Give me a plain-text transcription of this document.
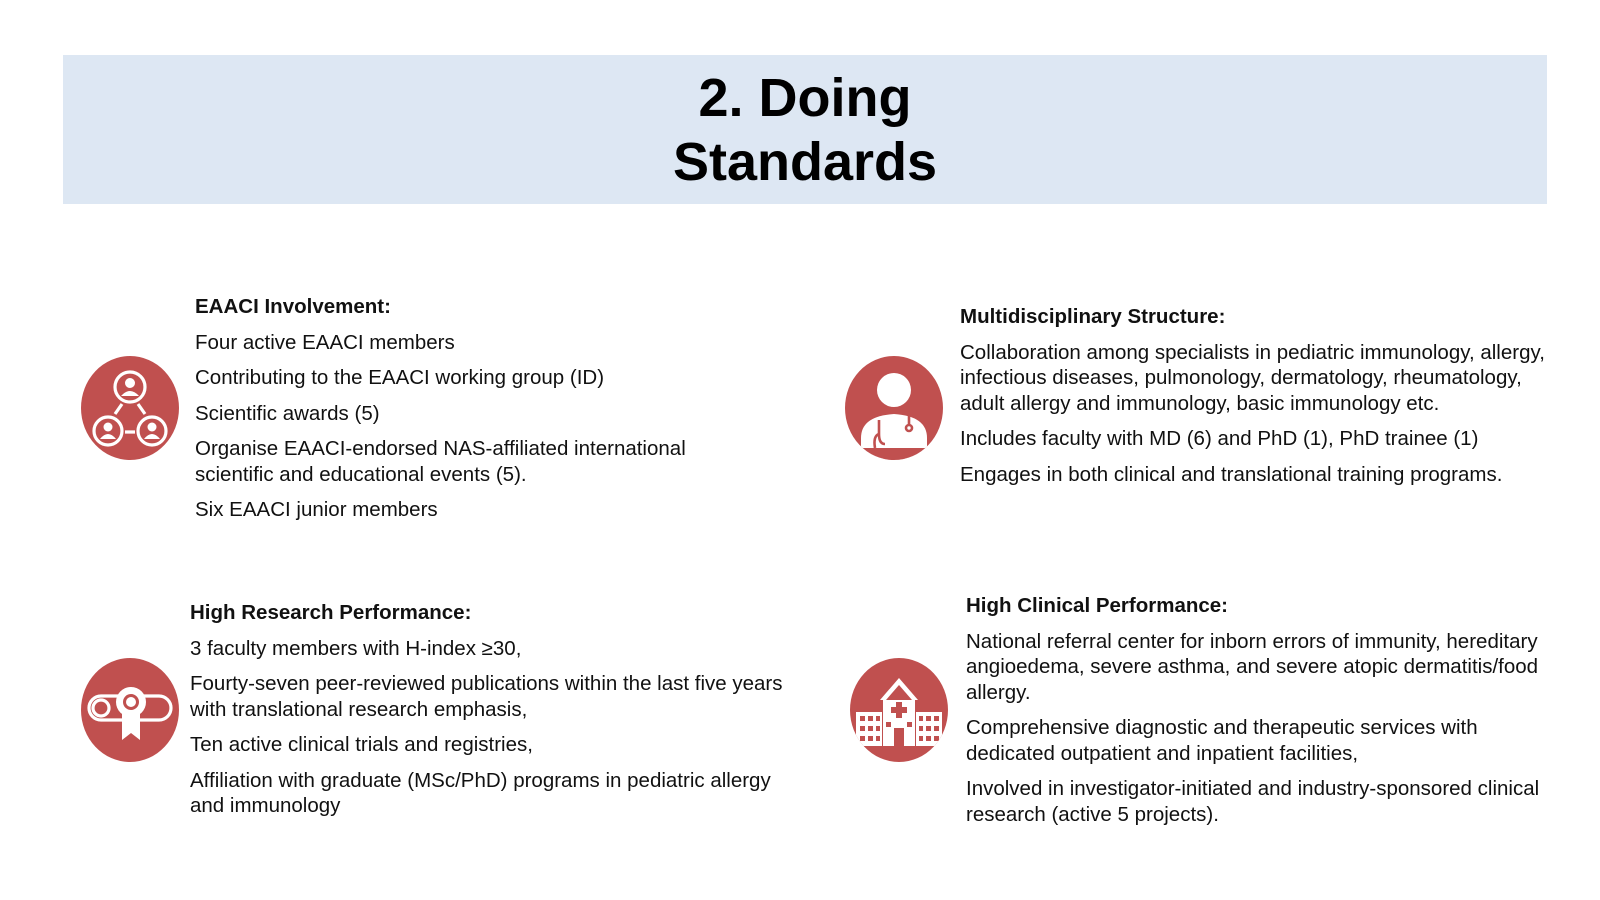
2. Doing
Standards
EAACI Involvement:
Four active EAACI members
Contributing to the EAACI working group (ID)
Scientific awards (5)
Organise EAACI-endorsed NAS-affiliated international scientific and educational events (5).
Six EAACI junior members
Multidisciplinary Structure:
Collaboration among specialists in pediatric immunology, allergy, infectious diseases, pulmonology, dermatology, rheumatology, adult allergy and immunology, basic immunology etc.
Includes faculty with MD (6) and PhD (1), PhD trainee (1)
Engages in both clinical and translational training programs.
High Research Performance:
3 faculty members with H-index ≥30,
Fourty-seven peer-reviewed publications within the last five years with translational research emphasis,
Ten active clinical trials and registries,
Affiliation with graduate (MSc/PhD) programs in pediatric allergy and immunology
High Clinical Performance:
National referral center for inborn errors of immunity, hereditary angioedema, severe asthma, and severe atopic dermatitis/food allergy.
Comprehensive diagnostic and therapeutic services with dedicated outpatient and inpatient facilities,
Involved in investigator-initiated and industry-sponsored clinical research (active 5 projects).
